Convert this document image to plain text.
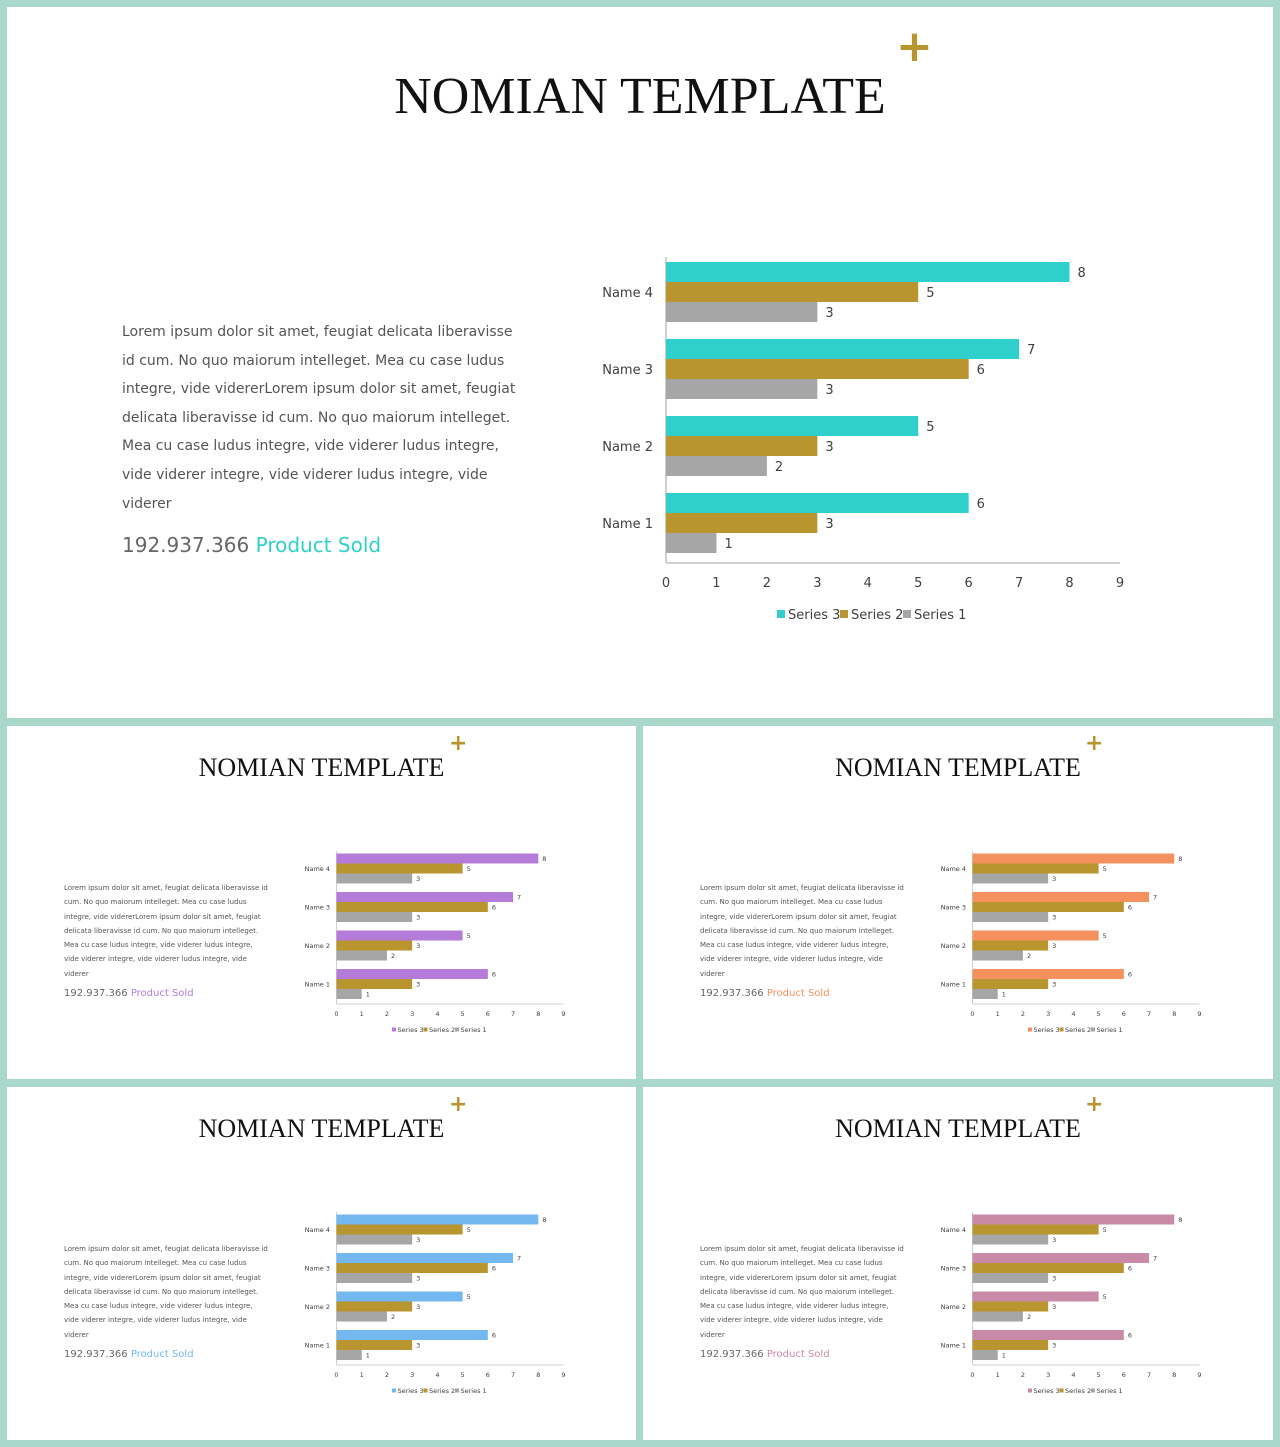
NOMIAN TEMPLATE
+
Lorem ipsum dolor sit amet, feugiat delicata liberavisse id cum. No quo maiorum intelleget. Mea cu case ludus integre, vide vidererLorem ipsum dolor sit amet, feugiat delicata liberavisse id cum. No quo maiorum intelleget. Mea cu case ludus integre, vide viderer ludus integre, vide viderer integre, vide viderer ludus integre, vide viderer
192.937.366 Product Sold
Name 1
6
3
1
Name 2
5
3
2
Name 3
7
6
3
Name 4
8
5
3
0	1	2	3	4	5	6	7	8	9
Series 3 Series 2 Series 1
NOMIAN TEMPLATE
+
Lorem ipsum dolor sit amet, feugiat delicata liberavisse id cum. No quo maiorum intelleget. Mea cu case ludus integre, vide vidererLorem ipsum dolor sit amet, feugiat delicata liberavisse id cum. No quo maiorum intelleget. Mea cu case ludus integre, vide viderer ludus integre, vide viderer integre, vide viderer ludus integre, vide viderer
192.937.366 Product Sold
Name 1
6
3
1
Name 2
5
3
2
Name 3
7
6
3
Name 4
8
5
3
0 1 2 3 4 5 6 7 8 9
Series 3 Series 2 Series 1
NOMIAN TEMPLATE
+
Lorem ipsum dolor sit amet, feugiat delicata liberavisse id cum. No quo maiorum intelleget. Mea cu case ludus integre, vide vidererLorem ipsum dolor sit amet, feugiat delicata liberavisse id cum. No quo maiorum intelleget. Mea cu case ludus integre, vide viderer ludus integre, vide viderer integre, vide viderer ludus integre, vide viderer
192.937.366 Product Sold
Name 1
6
3
1
Name 2
5
3
2
Name 3
7
6
3
Name 4
8
5
3
0 1 2 3 4 5 6 7 8 9
Series 3 Series 2 Series 1
NOMIAN TEMPLATE
+
Lorem ipsum dolor sit amet, feugiat delicata liberavisse id cum. No quo maiorum intelleget. Mea cu case ludus integre, vide vidererLorem ipsum dolor sit amet, feugiat delicata liberavisse id cum. No quo maiorum intelleget. Mea cu case ludus integre, vide viderer ludus integre, vide viderer integre, vide viderer ludus integre, vide viderer
192.937.366 Product Sold
Name 1
6
3
1
Name 2
5
3
2
Name 3
7
6
3
Name 4
8
5
3
0 1 2 3 4 5 6 7 8 9
Series 3 Series 2 Series 1
NOMIAN TEMPLATE
+
Lorem ipsum dolor sit amet, feugiat delicata liberavisse id cum. No quo maiorum intelleget. Mea cu case ludus integre, vide vidererLorem ipsum dolor sit amet, feugiat delicata liberavisse id cum. No quo maiorum intelleget. Mea cu case ludus integre, vide viderer ludus integre, vide viderer integre, vide viderer ludus integre, vide viderer
192.937.366 Product Sold
Name 1
6
3
1
Name 2
5
3
2
Name 3
7
6
3
Name 4
8
5
3
0 1 2 3 4 5 6 7 8 9
Series 3 Series 2 Series 1
